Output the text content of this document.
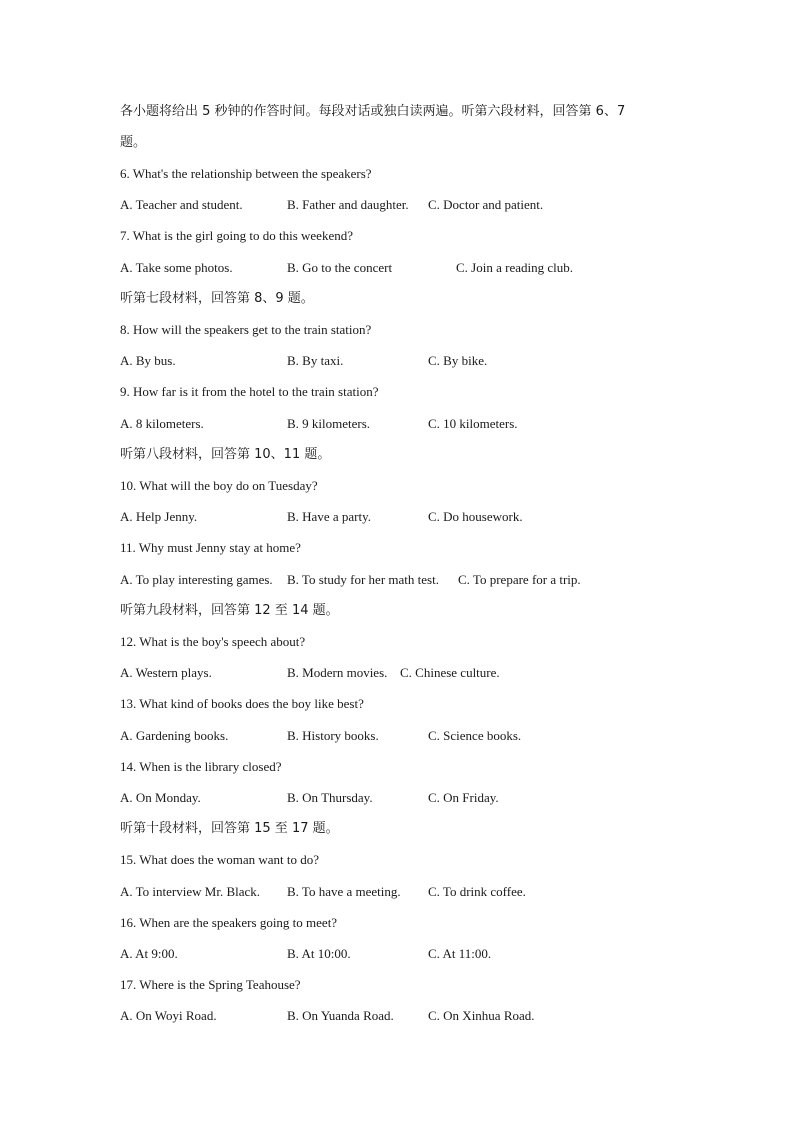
各小题将给出 5 秒钟的作答时间。每段对话或独白读两遍。听第六段材料，回答第 6、7
题。
6. What's the relationship between the speakers?
A. Teacher and student.	B. Father and daughter. C. Doctor and patient.
7. What is the girl going to do this weekend?
A. Take some photos.	B. Go to the concert	C. Join a reading club.
听第七段材料，回答第 8、9 题。
8. How will the speakers get to the train station?
A. By bus.	B. By taxi.	C. By bike.
9. How far is it from the hotel to the train station?
A. 8 kilometers.	B. 9 kilometers.	C. 10 kilometers.
听第八段材料，回答第 10、11 题。
10. What will the boy do on Tuesday?
A. Help Jenny.	B. Have a party.	C. Do housework.
11. Why must Jenny stay at home?
A. To play interesting games. B. To study for her math test. C. To prepare for a trip.
听第九段材料，回答第 12 至 14 题。
12. What is the boy's speech about?
A. Western plays.	B. Modern movies. C. Chinese culture.
13. What kind of books does the boy like best?
A. Gardening books.	B. History books.	C. Science books.
14. When is the library closed?
A. On Monday.	B. On Thursday.	C. On Friday.
听第十段材料，回答第 15 至 17 题。
15. What does the woman want to do?
A. To interview Mr. Black. B. To have a meeting. C. To drink coffee.
16. When are the speakers going to meet?
A. At 9:00.	B. At 10:00.	C. At 11:00.
17. Where is the Spring Teahouse?
A. On Woyi Road.	B. On Yuanda Road.	C. On Xinhua Road.
